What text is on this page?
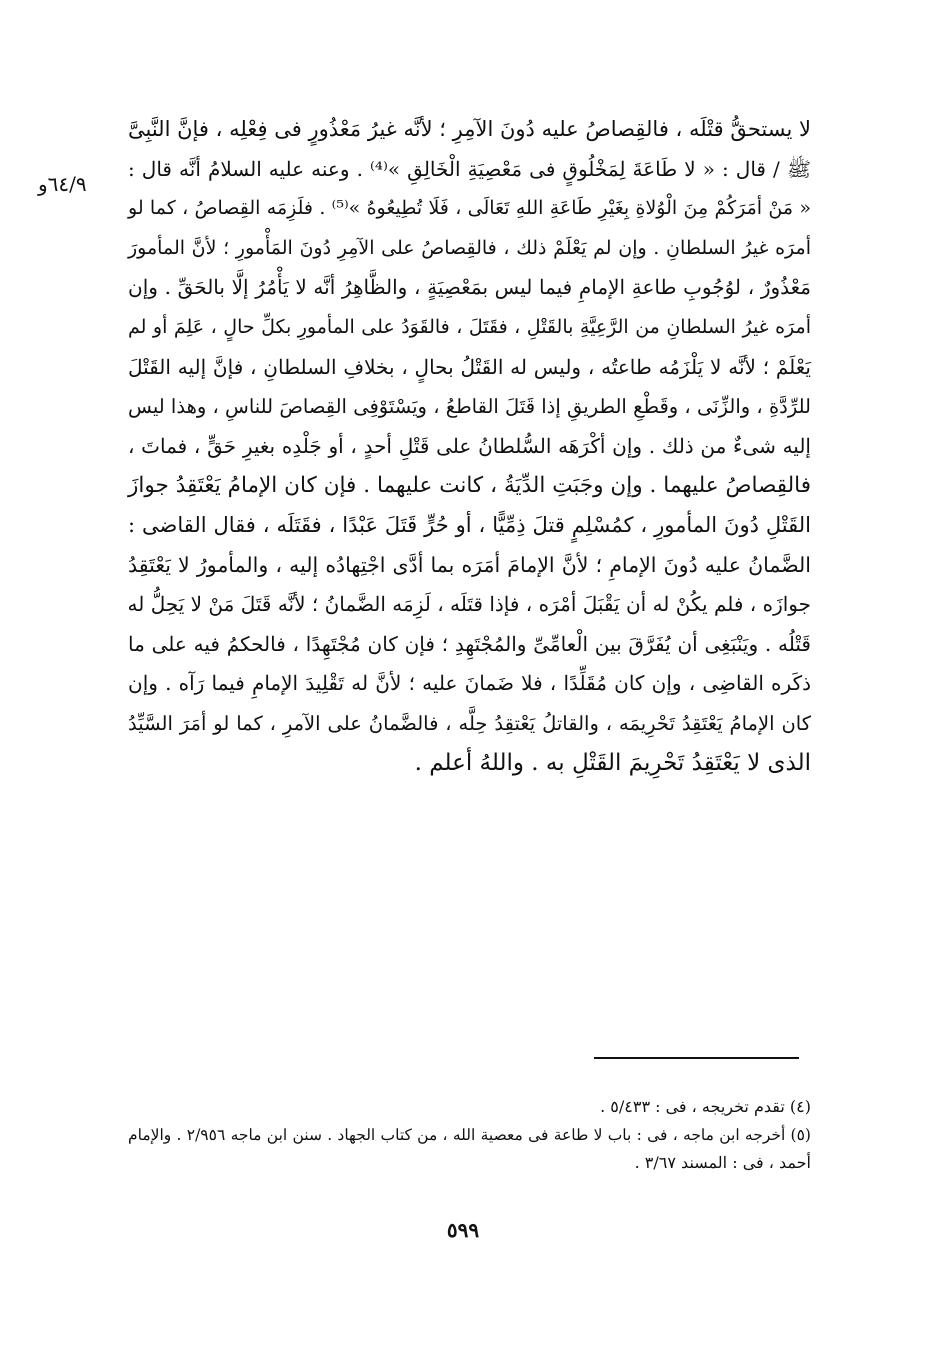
٦٤/٩و
لا يستحقُّ قتْلَه ، فالقِصاصُ عليه دُونَ الآمِرِ ؛ لأنَّه غيرُ مَعْذُورٍ فى فِعْلِه ، فإنَّ النَّبِىَّ
ﷺ / قال : « لا طَاعَةَ لِمَخْلُوقٍ فى مَعْصِيَةِ الْخَالِقِ »⁽⁴⁾ . وعنه عليه السلامُ أنَّه قال :
« مَنْ أمَرَكُمْ مِنَ الْوُلاةِ بِغَيْرِ طَاعَةِ اللهِ تَعَالَى ، فَلَا تُطِيعُوهُ »⁽⁵⁾ . فلَزِمَه القِصاصُ ، كما لو
أمرَه غيرُ السلطانِ . وإن لم يَعْلَمْ ذلك ، فالقِصاصُ على الآمِرِ دُونَ المَأْمورِ ؛ لأنَّ المأمورَ
مَعْذُورٌ ، لوُجُوبِ طاعةِ الإمامِ فيما ليس بمَعْصِيَةٍ ، والظَّاهِرُ أنَّه لا يَأْمُرُ إلَّا بالحَقِّ . وإن
أمرَه غيرُ السلطانِ من الرَّعِيَّةِ بالقَتْلِ ، فقَتَلَ ، فالقَوَدُ على المأمورِ بكلِّ حالٍ ، عَلِمَ أو لم
يَعْلَمْ ؛ لأنَّه لا يَلْزَمُه طاعتُه ، وليس له القَتْلُ بحالٍ ، بخلافِ السلطانِ ، فإنَّ إليه القَتْلَ
للرِّدَّةِ ، والزِّنَى ، وقَطْعِ الطريقِ إذا قَتَلَ القاطعُ ، ويَسْتَوْفِى القِصاصَ للناسِ ، وهذا ليس
إليه شىءٌ من ذلك . وإن أكْرَهَه السُّلطانُ على قَتْلِ أحدٍ ، أو جَلْدِه بغيرِ حَقٍّ ، فماتَ ،
فالقِصاصُ عليهما . وإن وجَبَتِ الدِّيَةُ ، كانت عليهما . فإن كان الإمامُ يَعْتَقِدُ جوازَ
القَتْلِ دُونَ المأمورِ ، كمُسْلِمٍ قتلَ ذِمِّيًّا ، أو حُرٍّ قَتَلَ عَبْدًا ، فقَتَلَه ، فقال القاضى :
الضَّمانُ عليه دُونَ الإمامِ ؛ لأنَّ الإمامَ أمَرَه بما أدَّى اجْتِهادُه إليه ، والمأمورُ لا يَعْتَقِدُ
جوازَه ، فلم يكُنْ له أن يَقْبَلَ أمْرَه ، فإذا قتَلَه ، لَزِمَه الضَّمانُ ؛ لأنَّه قَتَلَ مَنْ لا يَحِلُّ له
قَتْلُه . ويَنْبَغِى أن يُفَرَّقَ بين الْعامِّىِّ والمُجْتَهِدِ ؛ فإن كان مُجْتَهِدًا ، فالحكمُ فيه على ما
ذكَره القاضِى ، وإن كان مُقَلِّدًا ، فلا ضَمانَ عليه ؛ لأنَّ له تَقْلِيدَ الإمامِ فيما رَآه . وإن
كان الإمامُ يَعْتَقِدُ تَحْرِيمَه ، والقاتلُ يَعْتقِدُ حِلَّه ، فالضَّمانُ على الآمرِ ، كما لو أمَرَ السَّيِّدُ
الذى لا يَعْتَقِدُ تَحْرِيمَ القَتْلِ به . واللهُ أعلم .
(٤) تقدم تخريجه ، فى : ٥/٤٣٣ .
(٥) أخرجه ابن ماجه ، فى : باب لا طاعة فى معصية الله ، من كتاب الجهاد . سنن ابن ماجه ٢/٩٥٦ . والإمام
أحمد ، فى : المسند ٣/٦٧ .
٥٩٩
